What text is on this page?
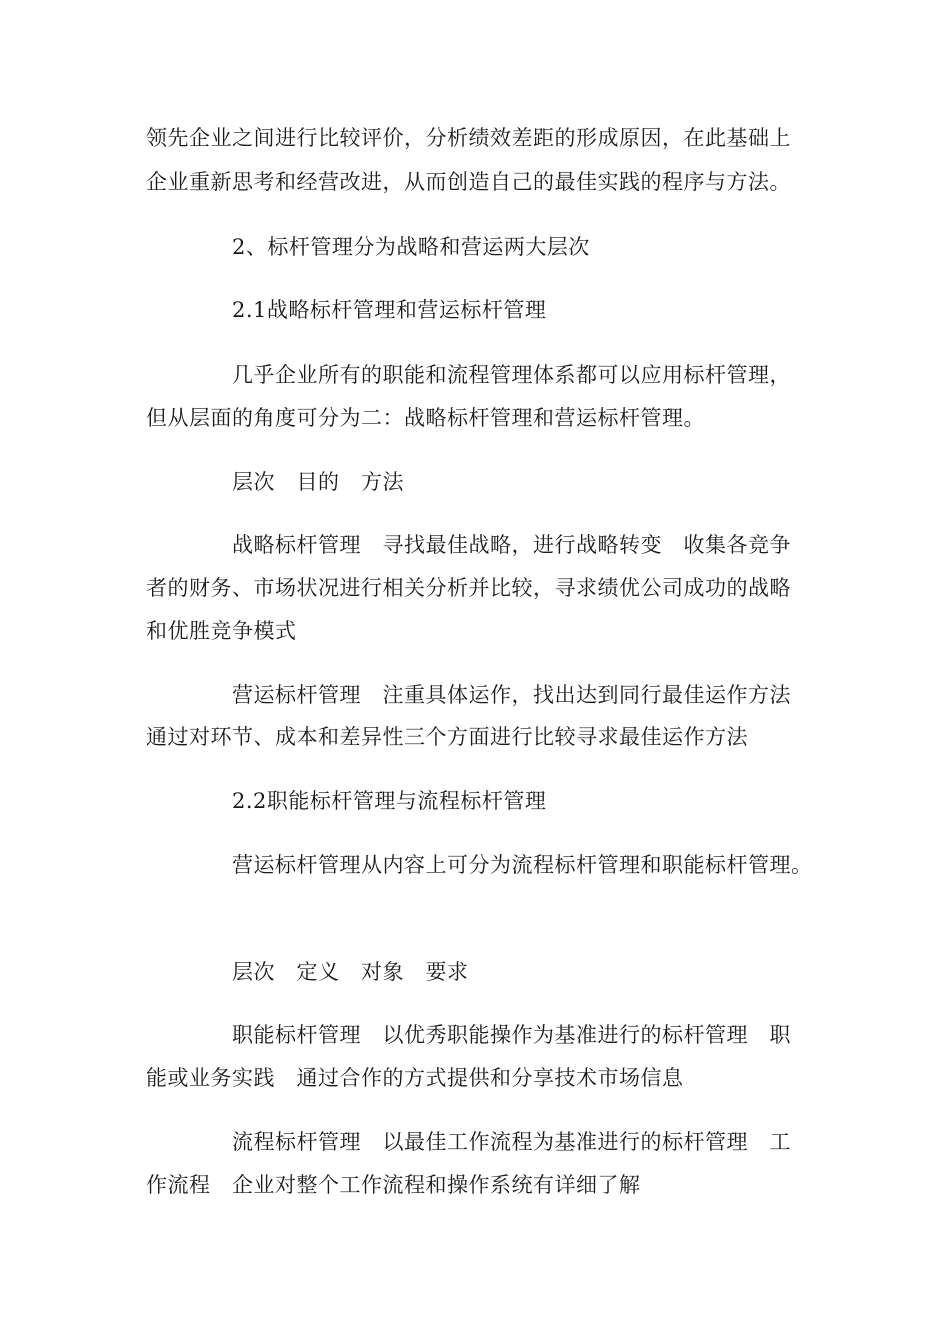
领先企业之间进行比较评价，分析绩效差距的形成原因，在此基础上
企业重新思考和经营改进，从而创造自己的最佳实践的程序与方法。
2、标杆管理分为战略和营运两大层次
2.1战略标杆管理和营运标杆管理
几乎企业所有的职能和流程管理体系都可以应用标杆管理，
但从层面的角度可分为二：战略标杆管理和营运标杆管理。
层次　目的　方法
战略标杆管理　寻找最佳战略，进行战略转变　收集各竞争
者的财务、市场状况进行相关分析并比较，寻求绩优公司成功的战略
和优胜竞争模式
营运标杆管理　注重具体运作，找出达到同行最佳运作方法
通过对环节、成本和差异性三个方面进行比较寻求最佳运作方法
2.2职能标杆管理与流程标杆管理
营运标杆管理从内容上可分为流程标杆管理和职能标杆管理。
层次　定义　对象　要求
职能标杆管理　以优秀职能操作为基准进行的标杆管理　职
能或业务实践　通过合作的方式提供和分享技术市场信息
流程标杆管理　以最佳工作流程为基准进行的标杆管理　工
作流程　企业对整个工作流程和操作系统有详细了解
